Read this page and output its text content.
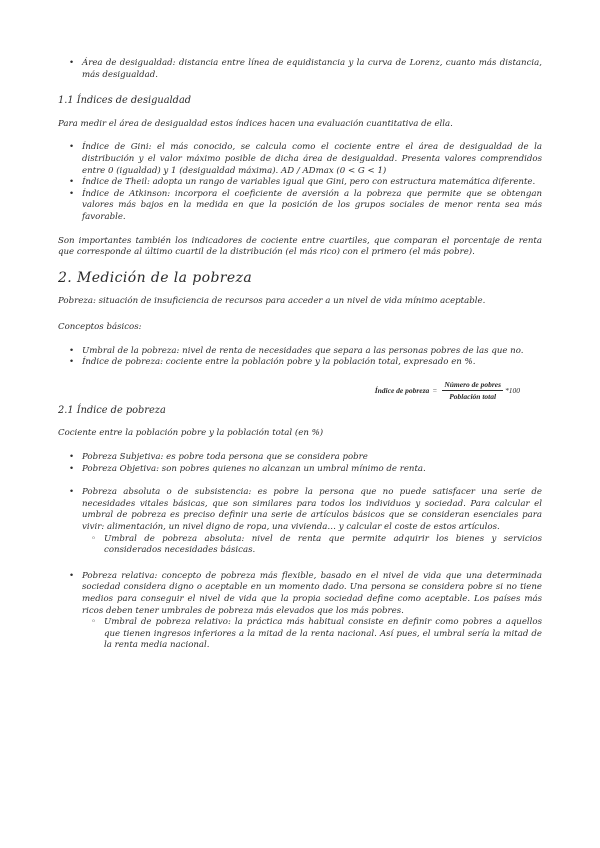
• Área de desigualdad: distancia entre línea de equidistancia y la curva de Lorenz, cuanto más distancia, más desigualdad.
1.1 Índices de desigualdad

Para medir el área de desigualdad estos índices hacen una evaluación cuantitativa de ella.

• Índice de Gini: el más conocido, se calcula como el cociente entre el área de desigualdad de la distribución y el valor máximo posible de dicha área de desigualdad. Presenta valores comprendidos entre 0 (igualdad) y 1 (desigualdad máxima). AD / ADmax (0 < G < 1)
• Índice de Theil: adopta un rango de variables igual que Gini, pero con estructura matemática diferente.
• Índice de Atkinson: incorpora el coeficiente de aversión a la pobreza que permite que se obtengan valores más bajos en la medida en que la posición de los grupos sociales de menor renta sea más favorable.

Son importantes también los indicadores de cociente entre cuartiles, que comparan el porcentaje de renta que corresponde al último cuartil de la distribución (el más rico) con el primero (el más pobre).

2. Medición de la pobreza

Pobreza: situación de insuficiencia de recursos para acceder a un nivel de vida mínimo aceptable.

Conceptos básicos:

• Umbral de la pobreza: nivel de renta de necesidades que separa a las personas pobres de las que no.
• Índice de pobreza: cociente entre la población pobre y la población total, expresado en %.
Índice de pobreza = $\frac{\text{Número de pobres}}{\text{Población total}} *100$
2.1 Índice de pobreza

Cociente entre la población pobre y la población total (en %)

• Pobreza Subjetiva: es pobre toda persona que se considera pobre
• Pobreza Objetiva: son pobres quienes no alcanzan un umbral mínimo de renta.
• Pobreza absoluta o de subsistencia: es pobre la persona que no puede satisfacer una serie de necesidades vitales básicas, que son similares para todos los individuos y sociedad. Para calcular el umbral de pobreza es preciso definir una serie de artículos básicos que se consideran esenciales para vivir: alimentación, un nivel digno de ropa, una vivienda… y calcular el coste de estos artículos.
◦ Umbral de pobreza absoluta: nivel de renta que permite adquirir los bienes y servicios considerados necesidades básicas.
• Pobreza relativa: concepto de pobreza más flexible, basado en el nivel de vida que una determinada sociedad considera digno o aceptable en un momento dado. Una persona se considera pobre si no tiene medios para conseguir el nivel de vida que la propia sociedad define como aceptable. Los países más ricos deben tener umbrales de pobreza más elevados que los más pobres.
◦ Umbral de pobreza relativo: la práctica más habitual consiste en definir como pobres a aquellos que tienen ingresos inferiores a la mitad de la renta nacional. Así pues, el umbral sería la mitad de la renta media nacional.
